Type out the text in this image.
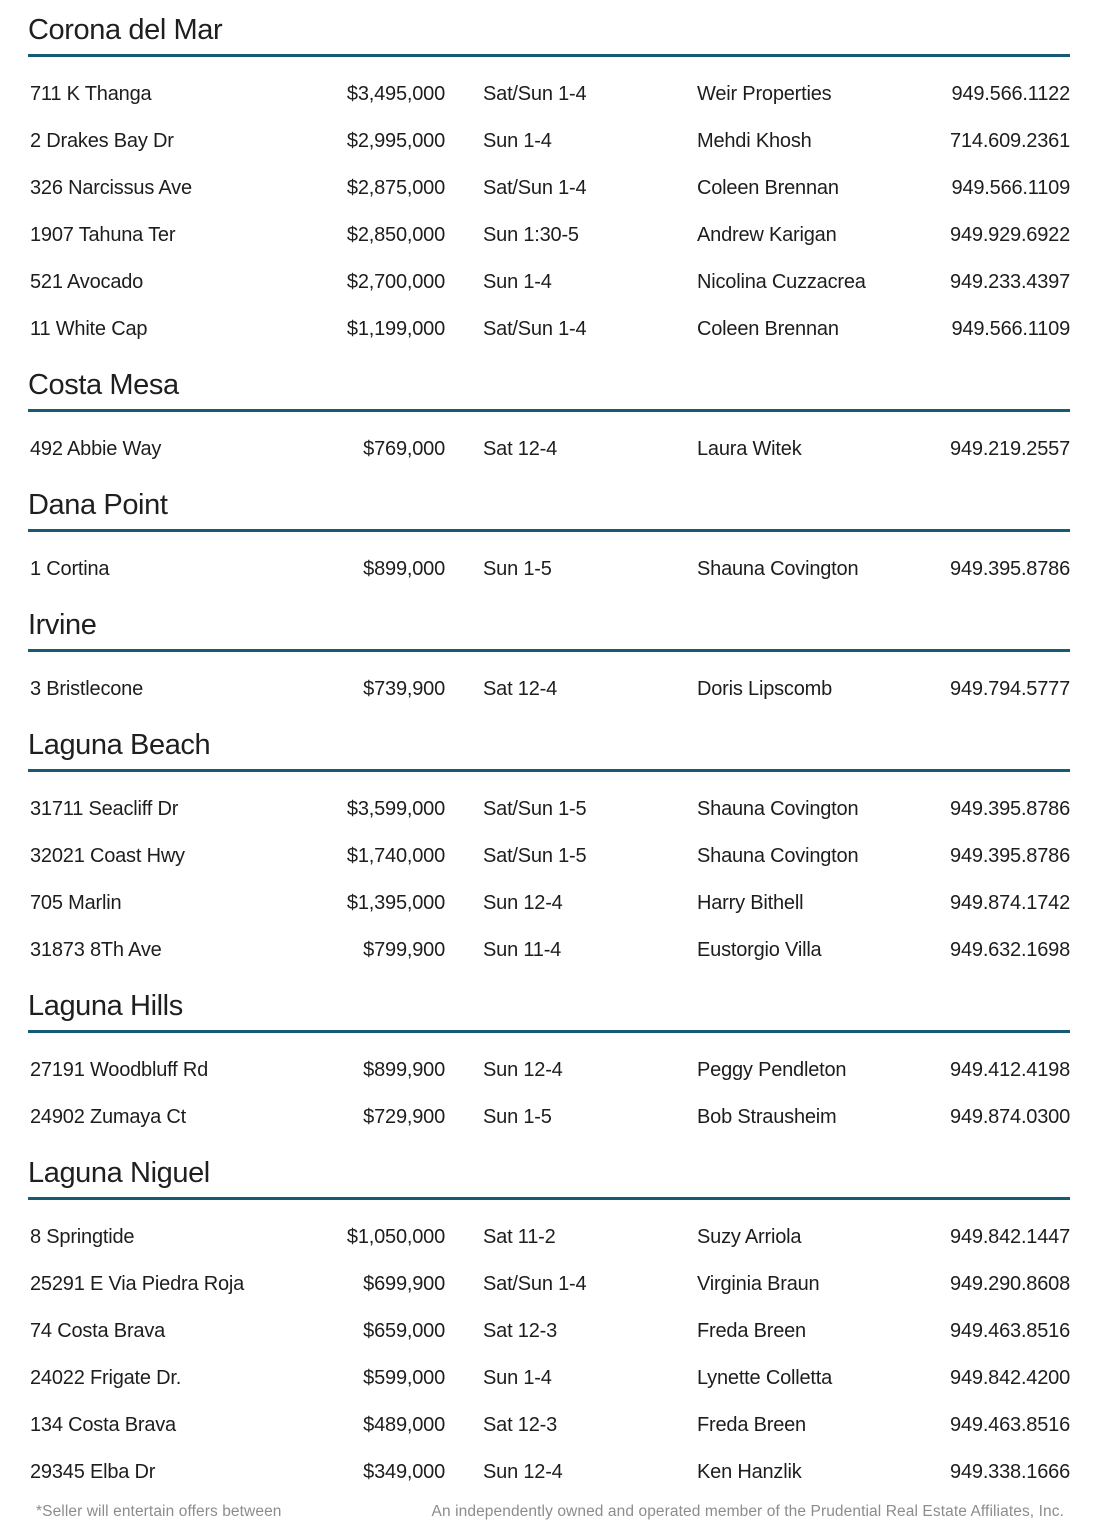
Corona del Mar
711 K Thanga	$3,495,000	Sat/Sun 1-4	Weir Properties	949.566.1122
2 Drakes Bay Dr	$2,995,000	Sun 1-4	Mehdi Khosh	714.609.2361
326 Narcissus Ave	$2,875,000	Sat/Sun 1-4	Coleen Brennan	949.566.1109
1907 Tahuna Ter	$2,850,000	Sun 1:30-5	Andrew Karigan	949.929.6922
521 Avocado	$2,700,000	Sun 1-4	Nicolina Cuzzacrea	949.233.4397
11 White Cap	$1,199,000	Sat/Sun 1-4	Coleen Brennan	949.566.1109
Costa Mesa
492 Abbie Way	$769,000	Sat 12-4	Laura Witek	949.219.2557
Dana Point
1 Cortina	$899,000	Sun 1-5	Shauna Covington	949.395.8786
Irvine
3 Bristlecone	$739,900	Sat 12-4	Doris Lipscomb	949.794.5777
Laguna Beach
31711 Seacliff Dr	$3,599,000	Sat/Sun 1-5	Shauna Covington	949.395.8786
32021 Coast Hwy	$1,740,000	Sat/Sun 1-5	Shauna Covington	949.395.8786
705 Marlin	$1,395,000	Sun 12-4	Harry Bithell	949.874.1742
31873 8Th Ave	$799,900	Sun 11-4	Eustorgio Villa	949.632.1698
Laguna Hills
27191 Woodbluff Rd	$899,900	Sun 12-4	Peggy Pendleton	949.412.4198
24902 Zumaya Ct	$729,900	Sun 1-5	Bob Strausheim	949.874.0300
Laguna Niguel
8 Springtide	$1,050,000	Sat 11-2	Suzy Arriola	949.842.1447
25291 E Via Piedra Roja	$699,900	Sat/Sun 1-4	Virginia Braun	949.290.8608
74 Costa Brava	$659,000	Sat 12-3	Freda Breen	949.463.8516
24022 Frigate Dr.	$599,000	Sun 1-4	Lynette Colletta	949.842.4200
134 Costa Brava	$489,000	Sat 12-3	Freda Breen	949.463.8516
29345 Elba Dr	$349,000	Sun 12-4	Ken Hanzlik	949.338.1666
*Seller will entertain offers between	An independently owned and operated member of the Prudential Real Estate Affiliates, Inc.
